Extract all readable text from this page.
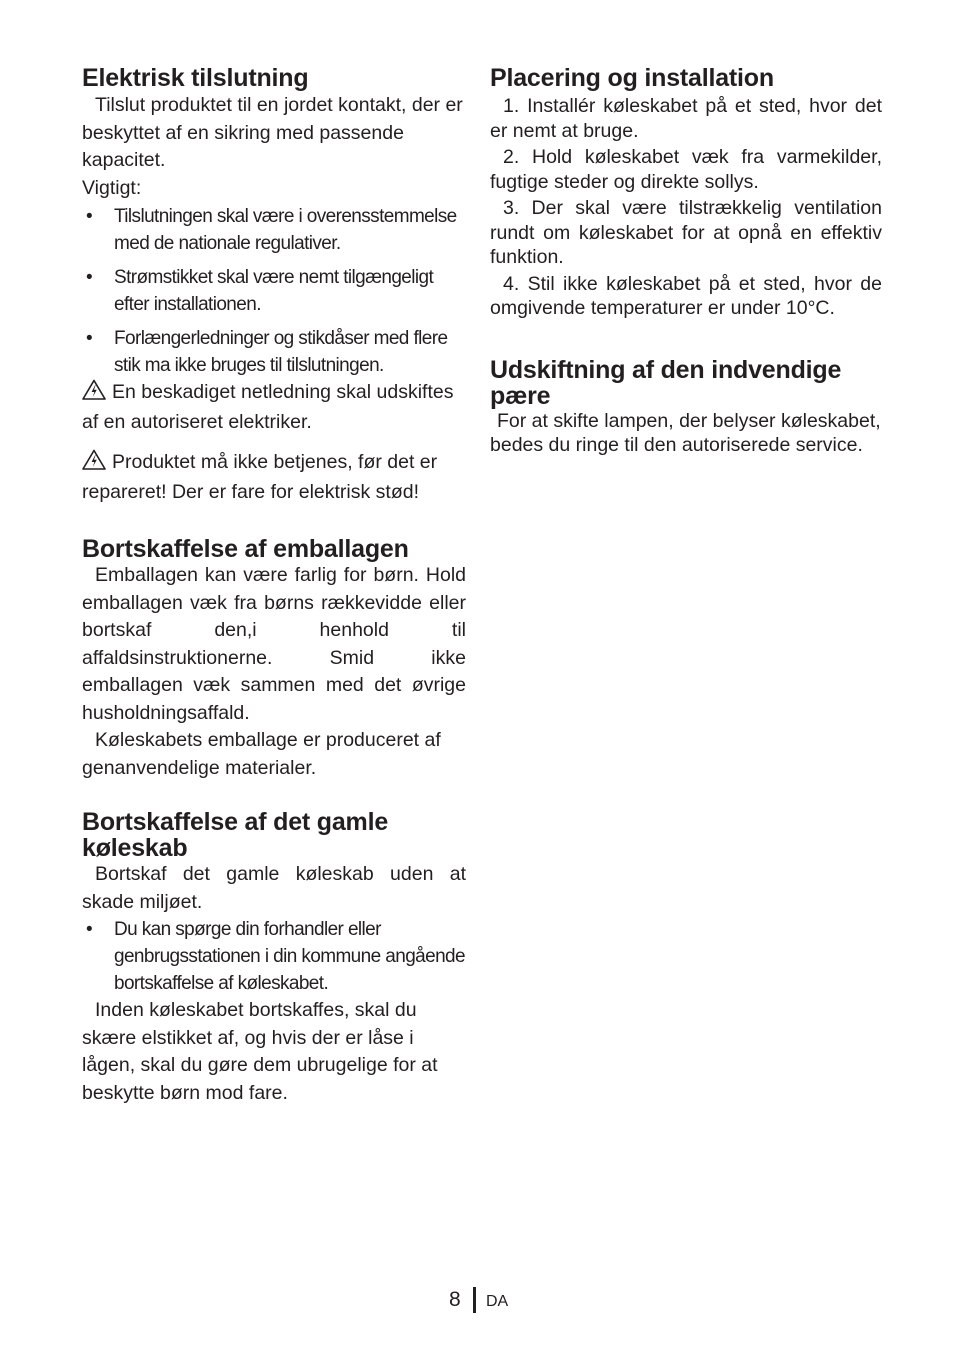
Elektrisk tilslutning

Tilslut produktet til en jordet kontakt, der er beskyttet af en sikring med passende kapacitet.

Vigtigt:

• Tilslutningen skal være i overensstemmelse med de nationale regulativer.
• Strømstikket skal være nemt tilgængeligt efter installationen.
• Forlængerledninger og stikdåser med flere stik ma ikke bruges til tilslutningen.

En beskadiget netledning skal udskiftes af en autoriseret elektriker.

Produktet må ikke betjenes, før det er repareret! Der er fare for elektrisk stød!

Bortskaffelse af emballagen

Emballagen kan være farlig for børn. Hold emballagen væk fra børns rækkevidde eller bortskaf den,i henhold til affaldsinstruktionerne. Smid ikke emballagen væk sammen med det øvrige husholdningsaffald.

Køleskabets emballage er produceret af genanvendelige materialer.

Bortskaffelse af det gamle køleskab

Bortskaf det gamle køleskab uden at skade miljøet.

• Du kan spørge din forhandler eller genbrugsstationen i din kommune angående bortskaffelse af køleskabet.

Inden køleskabet bortskaffes, skal du skære elstikket af, og hvis der er låse i lågen, skal du gøre dem ubrugelige for at beskytte børn mod fare.

Placering og installation

1. Installér køleskabet på et sted, hvor det er nemt at bruge.

2. Hold køleskabet væk fra varmekilder, fugtige steder og direkte sollys.

3. Der skal være tilstrækkelig ventilation rundt om køleskabet for at opnå en effektiv funktion.

4. Stil ikke køleskabet på et sted, hvor de omgivende temperaturer er under 10°C.

Udskiftning af den indvendige pære

For at skifte lampen, der belyser køleskabet, bedes du ringe til den autoriserede service.

8 DA
